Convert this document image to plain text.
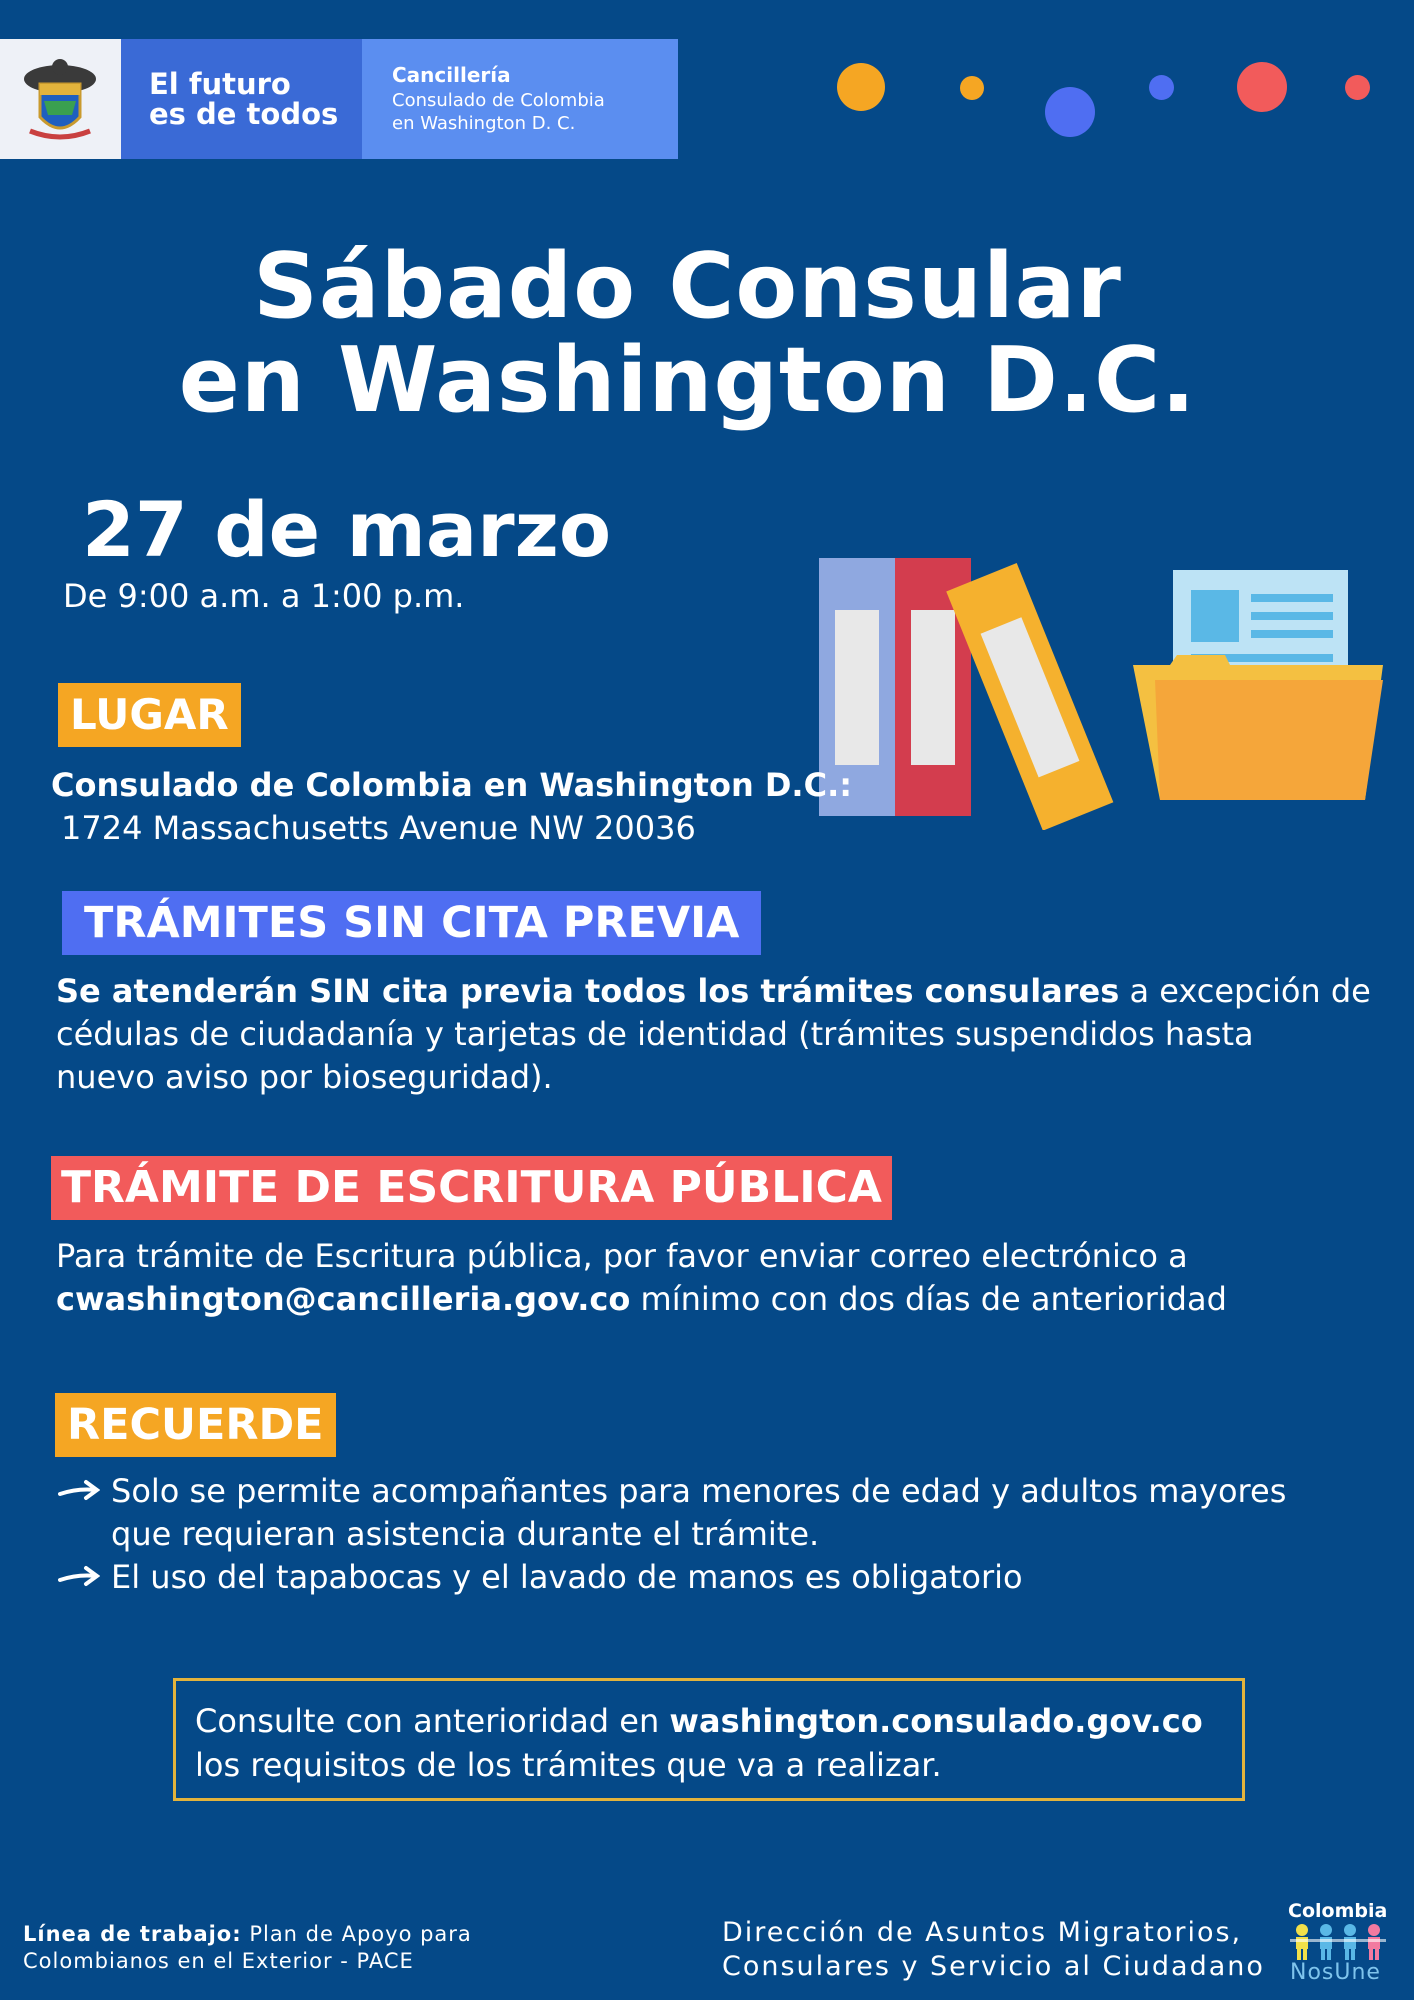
El futuro
es de todos
Cancillería
Consulado de Colombia
en Washington D. C.
Sábado Consular
en Washington D.C.
27 de marzo
De 9:00 a.m. a 1:00 p.m.
LUGAR
Consulado de Colombia en Washington D.C.:
1724 Massachusetts Avenue NW 20036
TRÁMITES SIN CITA PREVIA
Se atenderán SIN cita previa todos los trámites consulares a excepción de
cédulas de ciudadanía y tarjetas de identidad (trámites suspendidos hasta
nuevo aviso por bioseguridad).
TRÁMITE DE ESCRITURA PÚBLICA
Para trámite de Escritura pública, por favor enviar correo electrónico a
cwashington@cancilleria.gov.co mínimo con dos días de anterioridad
RECUERDE
Solo se permite acompañantes para menores de edad y adultos mayores
que requieran asistencia durante el trámite.
El uso del tapabocas y el lavado de manos es obligatorio
Consulte con anterioridad en washington.consulado.gov.co
los requisitos de los trámites que va a realizar.
Línea de trabajo: Plan de Apoyo para
Colombianos en el Exterior - PACE
Dirección de Asuntos Migratorios,
Consulares y Servicio al Ciudadano
Colombia
NosUne
